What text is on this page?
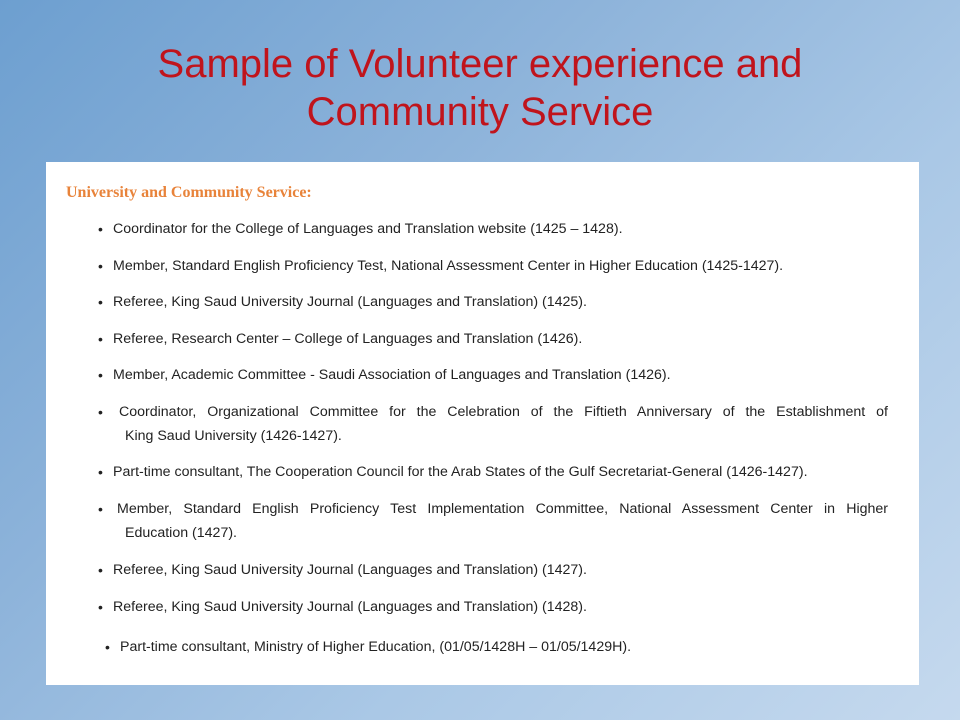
Sample of Volunteer experience and
Community Service
University and Community Service:
• Coordinator for the College of Languages and Translation website (1425 – 1428).
• Member, Standard English Proficiency Test, National Assessment Center in Higher Education (1425-1427).
• Referee, King Saud University Journal (Languages and Translation) (1425).
• Referee, Research Center – College of Languages and Translation (1426).
• Member, Academic Committee - Saudi Association of Languages and Translation (1426).
•	Coordinator, Organizational Committee for the Celebration of the Fiftieth Anniversary of the Establishment of
King Saud University (1426-1427).
• Part-time consultant, The Cooperation Council for the Arab States of the Gulf Secretariat-General (1426-1427).
• Member, Standard English Proficiency Test Implementation Committee, National Assessment Center in Higher
Education (1427).
• Referee, King Saud University Journal (Languages and Translation) (1427).
• Referee, King Saud University Journal (Languages and Translation) (1428).
• Part-time consultant, Ministry of Higher Education, (01/05/1428H – 01/05/1429H).
